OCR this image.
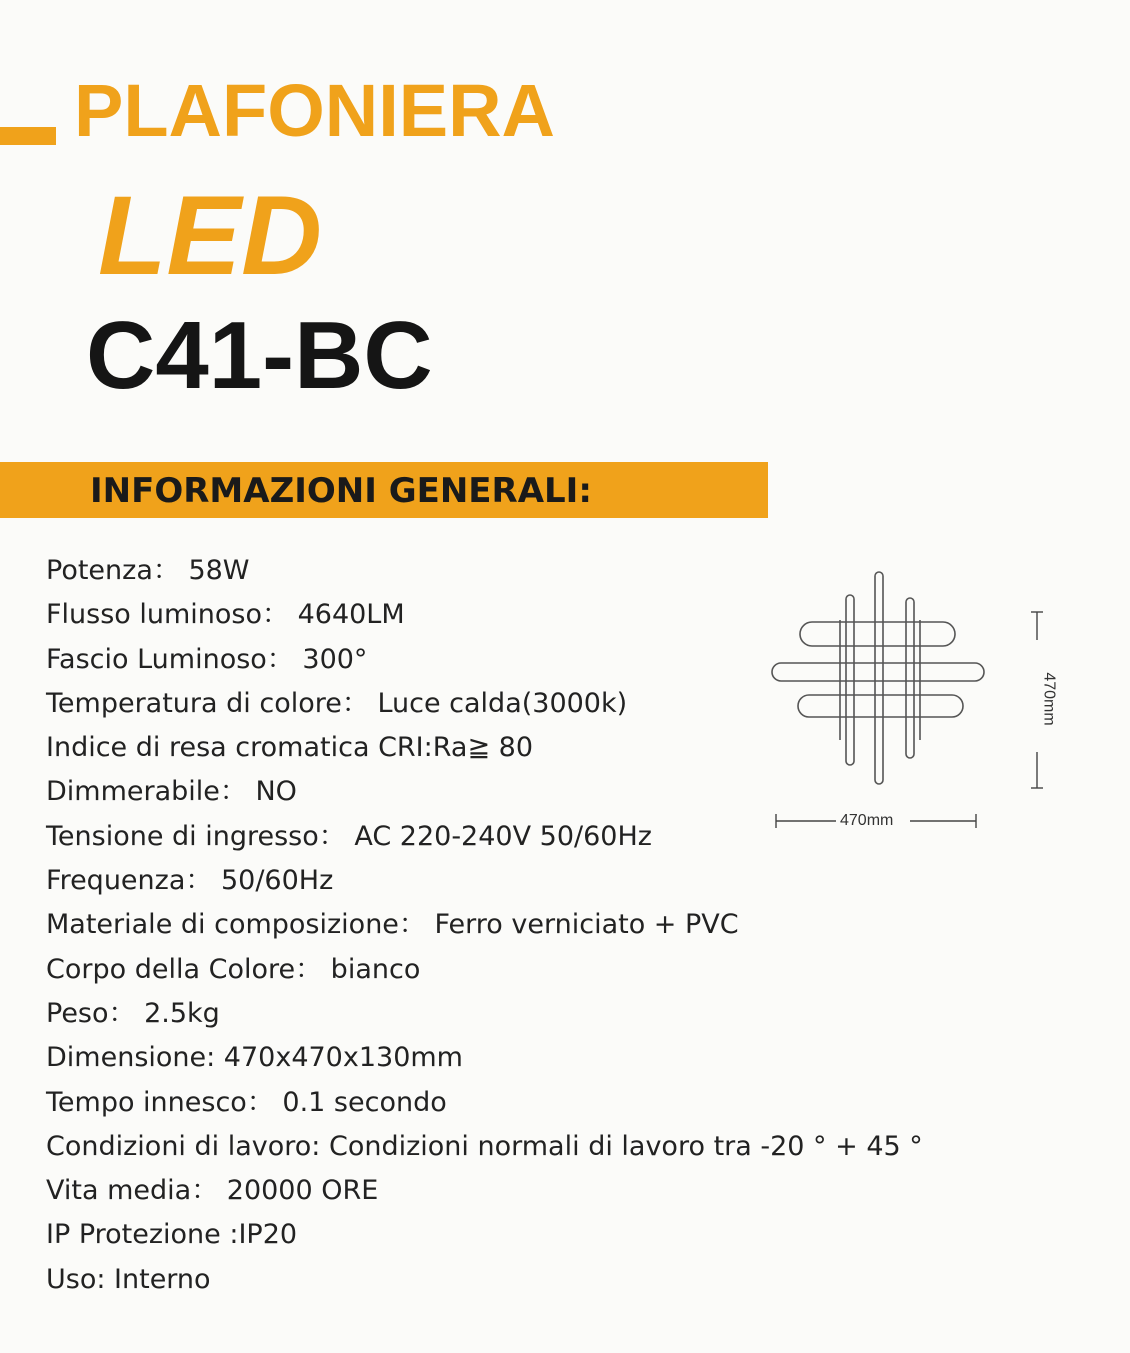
PLAFONIERA
LED
C41-BC
INFORMAZIONI GENERALI:
Potenza： 58W
Flusso luminoso： 4640LM
Fascio Luminoso： 300°
Temperatura di colore： Luce calda(3000k)
Indice di resa cromatica CRI:Ra≧ 80
Dimmerabile： NO
Tensione di ingresso： AC 220-240V 50/60Hz
Frequenza： 50/60Hz
Materiale di composizione： Ferro verniciato + PVC
Corpo della Colore： bianco
Peso： 2.5kg
Dimensione: 470x470x130mm
Tempo innesco： 0.1 secondo
Condizioni di lavoro: Condizioni normali di lavoro tra -20 ° + 45 °
Vita media： 20000 ORE
IP Protezione :IP20
Uso: Interno
470mm
470mm
